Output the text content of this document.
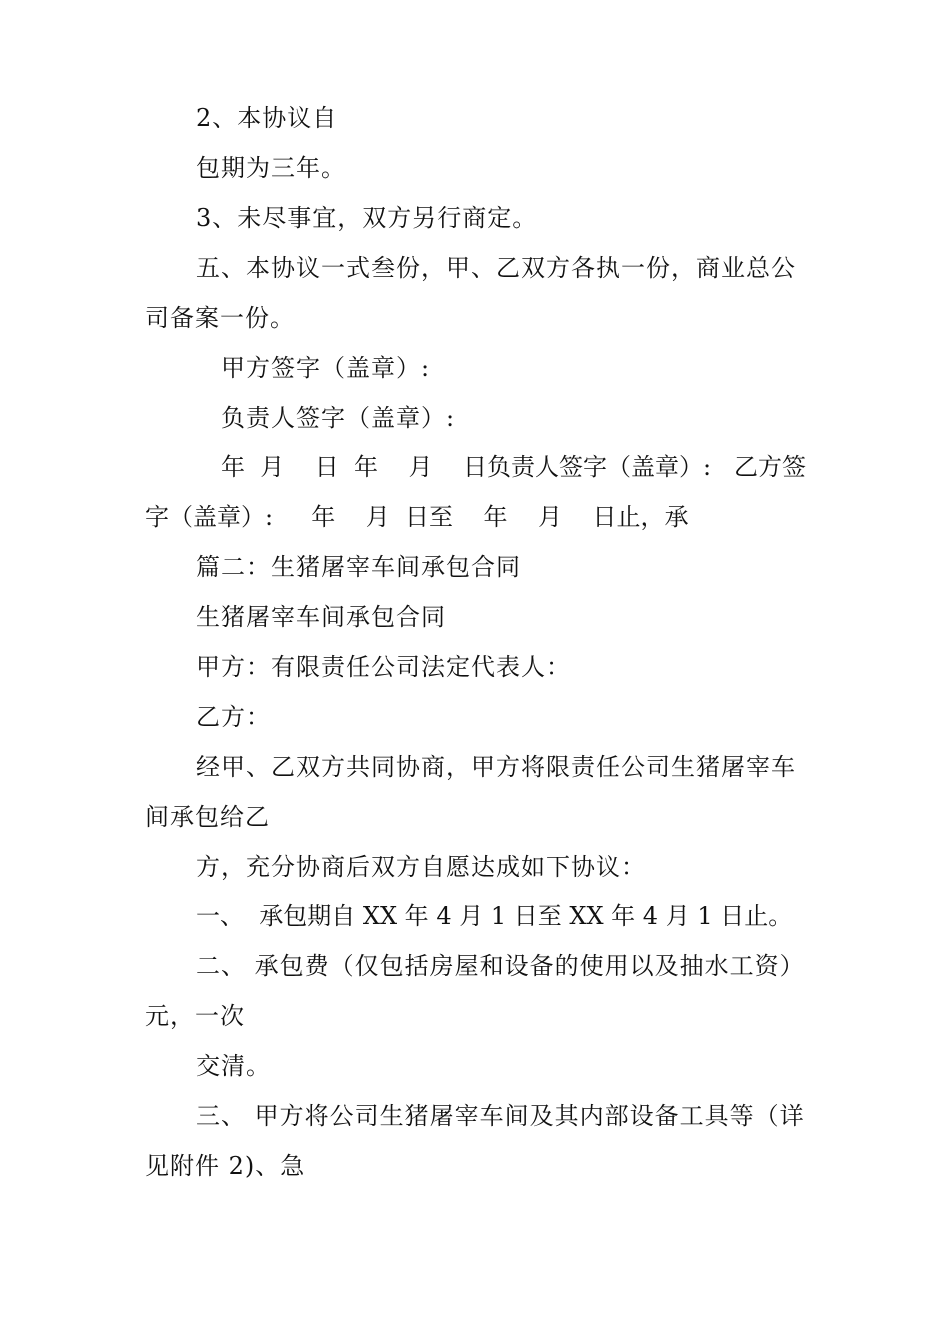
2、本协议自
包期为三年。
3、未尽事宜，双方另行商定。
五、本协议一式叁份，甲、乙双方各执一份，商业总公
司备案一份。
甲方签字（盖章）:
负责人签字（盖章）:
年  月    日  年    月    日负责人签字（盖章）:   乙方签
字（盖章）:     年    月  日至    年    月    日止，承
篇二：生猪屠宰车间承包合同
生猪屠宰车间承包合同
甲方：有限责任公司法定代表人：
乙方：
经甲、乙双方共同协商，甲方将限责任公司生猪屠宰车
间承包给乙
方，充分协商后双方自愿达成如下协议：
一、  承包期自 XX 年 4 月 1 日至 XX 年 4 月 1 日止。
二、 承包费（仅包括房屋和设备的使用以及抽水工资）
元，一次
交清。
三、 甲方将公司生猪屠宰车间及其内部设备工具等（详
见附件 2)、急
